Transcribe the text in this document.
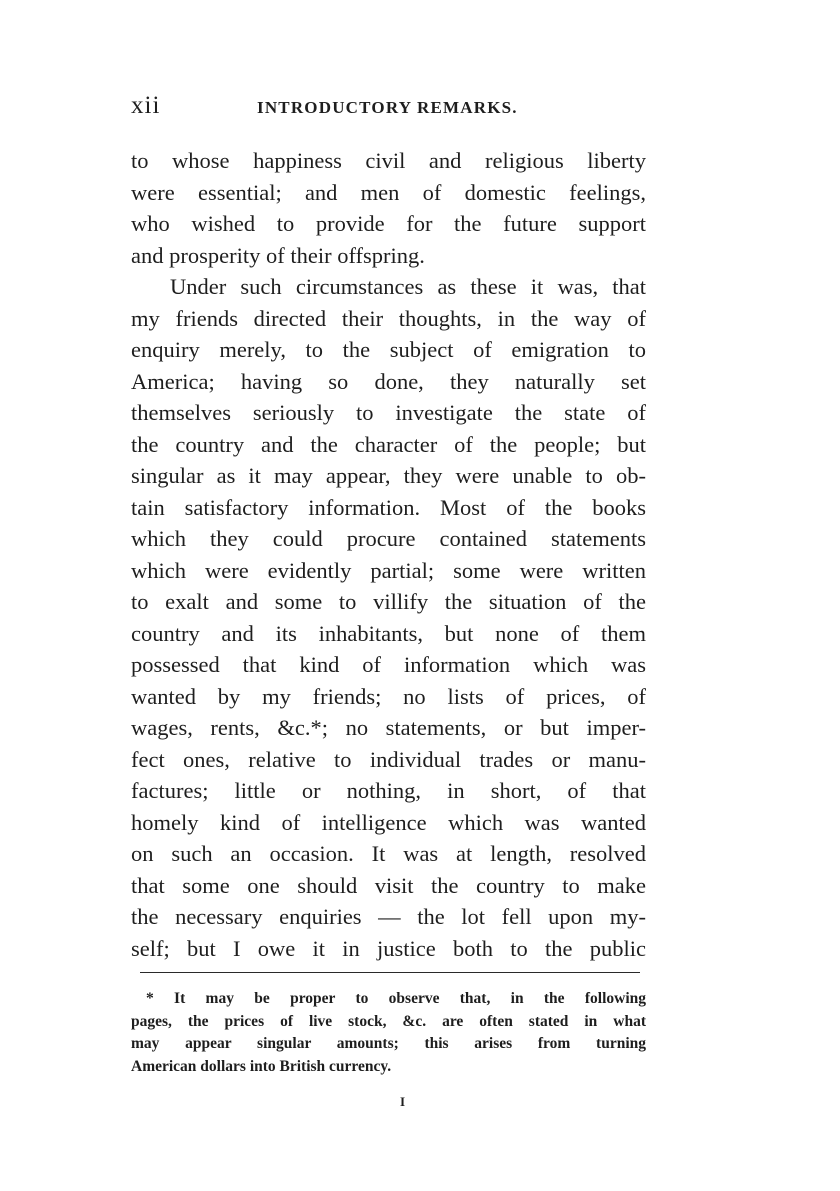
xii	INTRODUCTORY REMARKS.
to whose happiness civil and religious liberty
were essential; and men of domestic feelings,
who wished to provide for the future support
and prosperity of their offspring.
Under such circumstances as these it was, that
my friends directed their thoughts, in the way of
enquiry merely, to the subject of emigration to
America; having so done, they naturally set
themselves seriously to investigate the state of
the country and the character of the people; but
singular as it may appear, they were unable to ob-
tain satisfactory information. Most of the books
which they could procure contained statements
which were evidently partial; some were written
to exalt and some to villify the situation of the
country and its inhabitants, but none of them
possessed that kind of information which was
wanted by my friends; no lists of prices, of
wages, rents, &c.*; no statements, or but imper-
fect ones, relative to individual trades or manu-
factures; little or nothing, in short, of that
homely kind of intelligence which was wanted
on such an occasion. It was at length, resolved
that some one should visit the country to make
the necessary enquiries — the lot fell upon my-
self; but I owe it in justice both to the public
* It may be proper to observe that, in the following
pages, the prices of live stock, &c. are often stated in what
may appear singular amounts; this arises from turning
American dollars into British currency.
I
